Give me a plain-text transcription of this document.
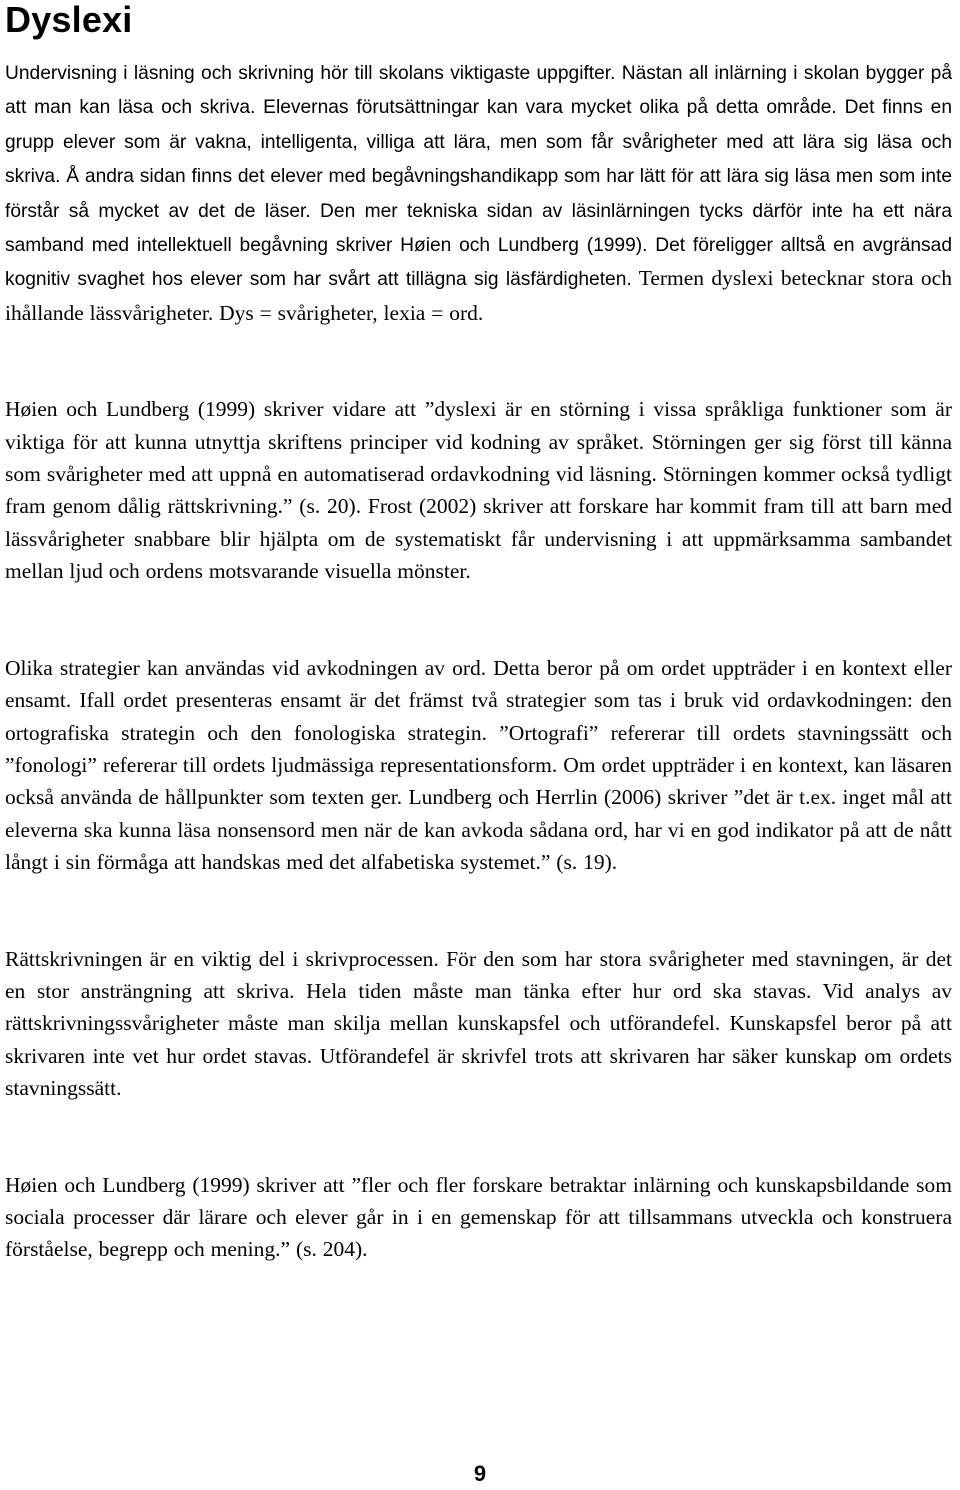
Dyslexi

Undervisning i läsning och skrivning hör till skolans viktigaste uppgifter. Nästan all inlärning i skolan bygger på att man kan läsa och skriva. Elevernas förutsättningar kan vara mycket olika på detta område. Det finns en grupp elever som är vakna, intelligenta, villiga att lära, men som får svårigheter med att lära sig läsa och skriva. Å andra sidan finns det elever med begåvningshandikapp som har lätt för att lära sig läsa men som inte förstår så mycket av det de läser. Den mer tekniska sidan av läsinlärningen tycks därför inte ha ett nära samband med intellektuell begåvning skriver Høien och Lundberg (1999). Det föreligger alltså en avgränsad kognitiv svaghet hos elever som har svårt att tillägna sig läsfärdigheten. Termen dyslexi betecknar stora och ihållande lässvårigheter. Dys = svårigheter, lexia = ord.

Høien och Lundberg (1999) skriver vidare att ”dyslexi är en störning i vissa språkliga funktioner som är viktiga för att kunna utnyttja skriftens principer vid kodning av språket. Störningen ger sig först till känna som svårigheter med att uppnå en automatiserad ordavkodning vid läsning. Störningen kommer också tydligt fram genom dålig rättskrivning.” (s. 20). Frost (2002) skriver att forskare har kommit fram till att barn med lässvårigheter snabbare blir hjälpta om de systematiskt får undervisning i att uppmärksamma sambandet mellan ljud och ordens motsvarande visuella mönster.

Olika strategier kan användas vid avkodningen av ord. Detta beror på om ordet uppträder i en kontext eller ensamt. Ifall ordet presenteras ensamt är det främst två strategier som tas i bruk vid ordavkodningen: den ortografiska strategin och den fonologiska strategin. ”Ortografi” refererar till ordets stavningssätt och ”fonologi” refererar till ordets ljudmässiga representationsform. Om ordet uppträder i en kontext, kan läsaren också använda de hållpunkter som texten ger. Lundberg och Herrlin (2006) skriver ”det är t.ex. inget mål att eleverna ska kunna läsa nonsensord men när de kan avkoda sådana ord, har vi en god indikator på att de nått långt i sin förmåga att handskas med det alfabetiska systemet.” (s. 19).

Rättskrivningen är en viktig del i skrivprocessen. För den som har stora svårigheter med stavningen, är det en stor ansträngning att skriva. Hela tiden måste man tänka efter hur ord ska stavas. Vid analys av rättskrivningssvårigheter måste man skilja mellan kunskapsfel och utförandefel. Kunskapsfel beror på att skrivaren inte vet hur ordet stavas. Utförandefel är skrivfel trots att skrivaren har säker kunskap om ordets stavningssätt.

Høien och Lundberg (1999) skriver att ”fler och fler forskare betraktar inlärning och kunskapsbildande som sociala processer där lärare och elever går in i en gemenskap för att tillsammans utveckla och konstruera förståelse, begrepp och mening.” (s. 204).

9
